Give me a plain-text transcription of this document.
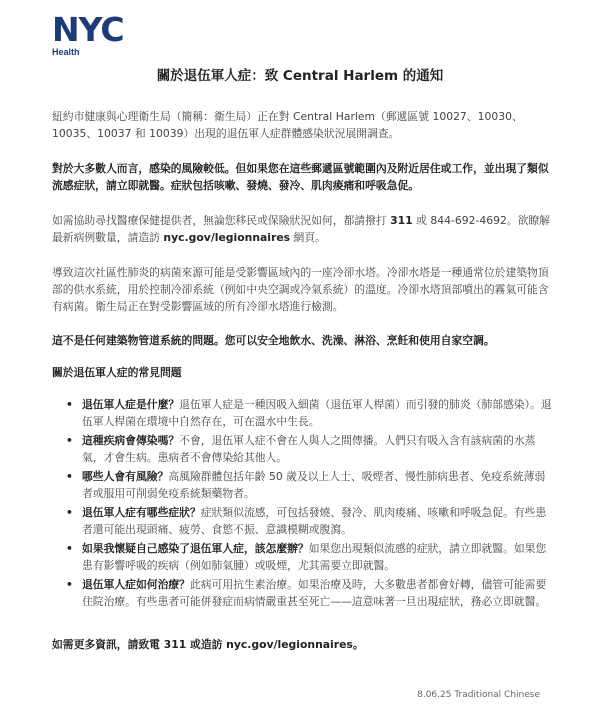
NYC
Health
關於退伍軍人症：致 Central Harlem 的通知
紐約市健康與心理衛生局（簡稱：衛生局）正在對 Central Harlem（郵遞區號 10027、10030、10035、10037 和 10039）出現的退伍軍人症群體感染狀況展開調查。
對於大多數人而言，感染的風險較低。但如果您在這些郵遞區號範圍內及附近居住或工作，並出現了類似流感症狀，請立即就醫。症狀包括咳嗽、發燒、發冷、肌肉痠痛和呼吸急促。
如需協助尋找醫療保健提供者，無論您移民或保險狀況如何，都請撥打 311 或 844-692-4692。欲瞭解最新病例數量，請造訪 nyc.gov/legionnaires 網頁。
導致這次社區性肺炎的病菌來源可能是受影響區域內的一座冷卻水塔。冷卻水塔是一種通常位於建築物頂部的供水系統，用於控制冷卻系統（例如中央空調或冷氣系統）的溫度。冷卻水塔頂部噴出的霧氣可能含有病菌。衛生局正在對受影響區域的所有冷卻水塔進行檢測。
這不是任何建築物管道系統的問題。您可以安全地飲水、洗澡、淋浴、烹飪和使用自家空調。
關於退伍軍人症的常見問題
• 退伍軍人症是什麼？退伍軍人症是一種因吸入細菌（退伍軍人桿菌）而引發的肺炎（肺部感染）。退伍軍人桿菌在環境中自然存在，可在溫水中生長。
• 這種疾病會傳染嗎？不會，退伍軍人症不會在人與人之間傳播。人們只有吸入含有該病菌的水蒸氣，才會生病。患病者不會傳染給其他人。
• 哪些人會有風險？高風險群體包括年齡 50 歲及以上人士、吸煙者、慢性肺病患者、免疫系統薄弱者或服用可削弱免疫系統類藥物者。
• 退伍軍人症有哪些症狀？症狀類似流感，可包括發燒、發冷、肌肉痠痛、咳嗽和呼吸急促。有些患者還可能出現頭痛、疲勞、食慾不振、意識模糊或腹瀉。
• 如果我懷疑自己感染了退伍軍人症，該怎麼辦？如果您出現類似流感的症狀，請立即就醫。如果您患有影響呼吸的疾病（例如肺氣腫）或吸煙，尤其需要立即就醫。
• 退伍軍人症如何治療？此病可用抗生素治療。如果治療及時，大多數患者都會好轉，儘管可能需要住院治療。有些患者可能併發症而病情嚴重甚至死亡——這意味著一旦出現症狀，務必立即就醫。
如需更多資訊，請致電 311 或造訪 nyc.gov/legionnaires。
8.06.25 Traditional Chinese
